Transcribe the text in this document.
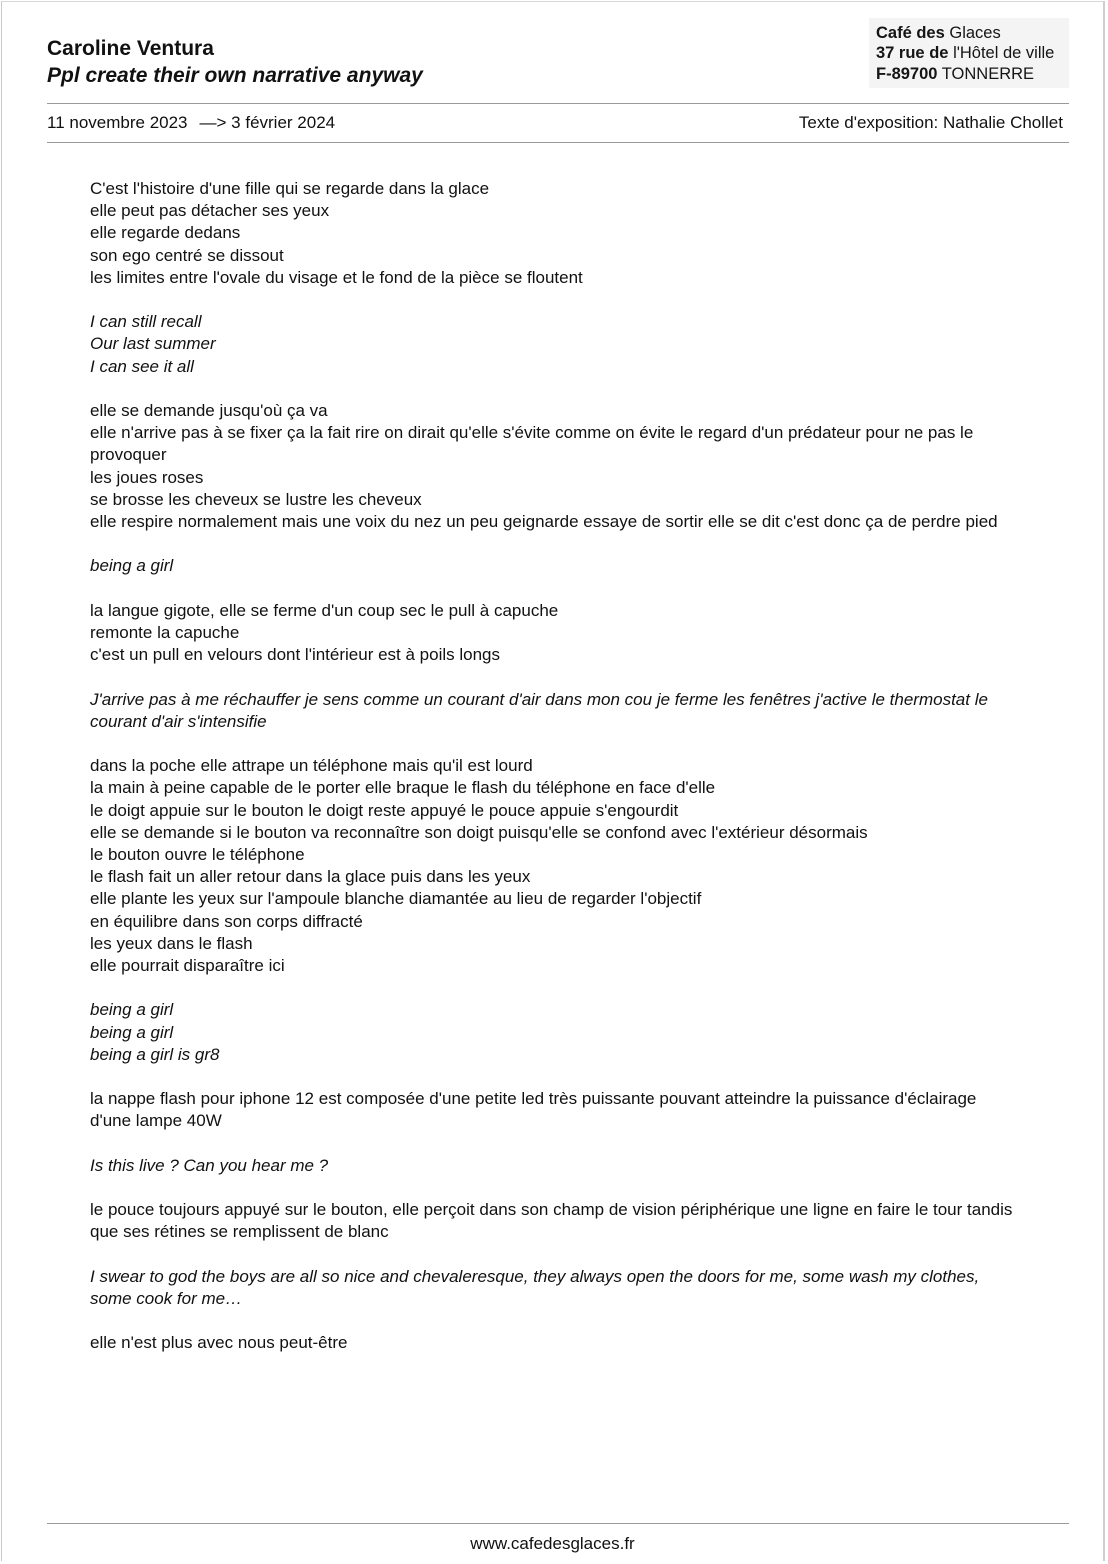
Caroline Ventura
Ppl create their own narrative anyway
Café des Glaces
37 rue de l'Hôtel de ville
F-89700 TONNERRE
11 novembre 2023 —> 3 février 2024	Texte d'exposition: Nathalie Chollet

C'est l'histoire d'une fille qui se regarde dans la glace

elle peut pas détacher ses yeux

elle regarde dedans

son ego centré se dissout

les limites entre l'ovale du visage et le fond de la pièce se floutent

I can still recall

Our last summer

I can see it all

elle se demande jusqu'où ça va

elle n'arrive pas à se fixer ça la fait rire on dirait qu'elle s'évite comme on évite le regard d'un prédateur pour ne pas le provoquer

les joues roses

se brosse les cheveux se lustre les cheveux

elle respire normalement mais une voix du nez un peu geignarde essaye de sortir elle se dit c'est donc ça de perdre pied

being a girl

la langue gigote, elle se ferme d'un coup sec le pull à capuche

remonte la capuche

c'est un pull en velours dont l'intérieur est à poils longs

J'arrive pas à me réchauffer je sens comme un courant d'air dans mon cou je ferme les fenêtres j'active le thermostat le courant d'air s'intensifie

dans la poche elle attrape un téléphone mais qu'il est lourd

la main à peine capable de le porter elle braque le flash du téléphone en face d'elle

le doigt appuie sur le bouton le doigt reste appuyé le pouce appuie s'engourdit

elle se demande si le bouton va reconnaître son doigt puisqu'elle se confond avec l'extérieur désormais

le bouton ouvre le téléphone

le flash fait un aller retour dans la glace puis dans les yeux

elle plante les yeux sur l'ampoule blanche diamantée au lieu de regarder l'objectif

en équilibre dans son corps diffracté

les yeux dans le flash

elle pourrait disparaître ici

being a girl

being a girl

being a girl is gr8

la nappe flash pour iphone 12 est composée d'une petite led très puissante pouvant atteindre la puissance d'éclairage d'une lampe 40W

Is this live ? Can you hear me ?

le pouce toujours appuyé sur le bouton, elle perçoit dans son champ de vision périphérique une ligne en faire le tour tandis que ses rétines se remplissent de blanc

I swear to god the boys are all so nice and chevaleresque, they always open the doors for me, some wash my clothes, some cook for me…

elle n'est plus avec nous peut-être

www.cafedesglaces.fr
